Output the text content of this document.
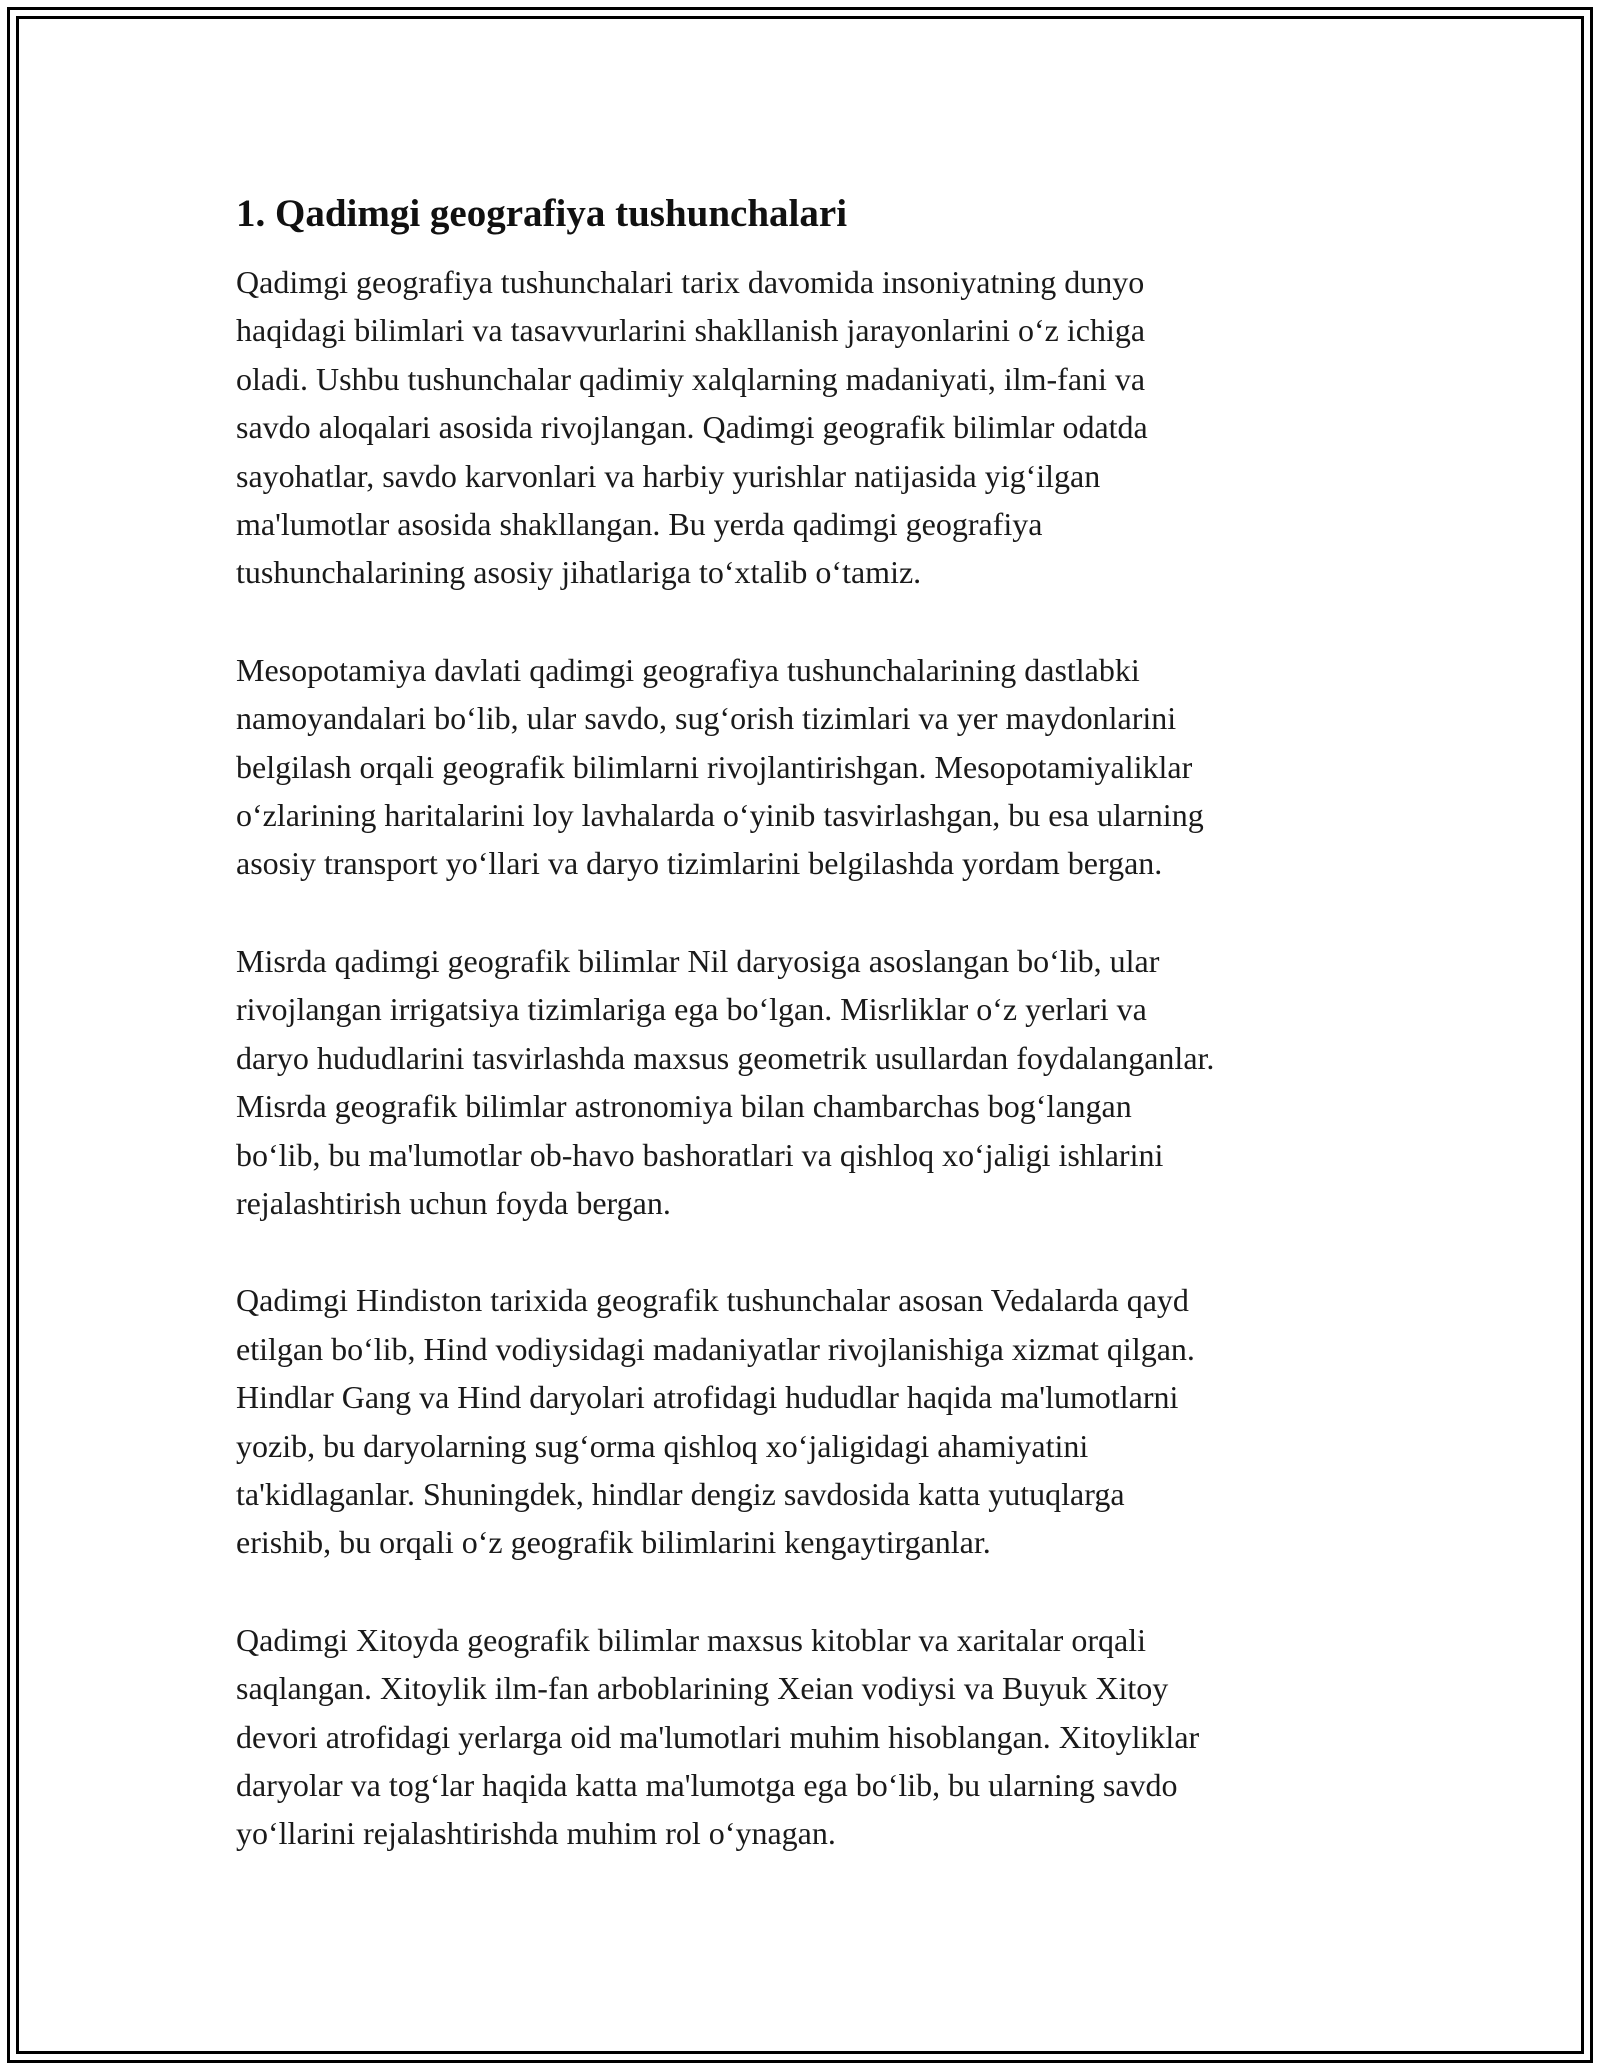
1. Qadimgi geografiya tushunchalari

Qadimgi geografiya tushunchalari tarix davomida insoniyatning dunyo
haqidagi bilimlari va tasavvurlarini shakllanish jarayonlarini o‘z ichiga
oladi. Ushbu tushunchalar qadimiy xalqlarning madaniyati, ilm-fani va
savdo aloqalari asosida rivojlangan. Qadimgi geografik bilimlar odatda
sayohatlar, savdo karvonlari va harbiy yurishlar natijasida yig‘ilgan
ma'lumotlar asosida shakllangan. Bu yerda qadimgi geografiya
tushunchalarining asosiy jihatlariga to‘xtalib o‘tamiz.

Mesopotamiya davlati qadimgi geografiya tushunchalarining dastlabki
namoyandalari bo‘lib, ular savdo, sug‘orish tizimlari va yer maydonlarini
belgilash orqali geografik bilimlarni rivojlantirishgan. Mesopotamiyaliklar
o‘zlarining haritalarini loy lavhalarda o‘yinib tasvirlashgan, bu esa ularning
asosiy transport yo‘llari va daryo tizimlarini belgilashda yordam bergan.

Misrda qadimgi geografik bilimlar Nil daryosiga asoslangan bo‘lib, ular
rivojlangan irrigatsiya tizimlariga ega bo‘lgan. Misrliklar o‘z yerlari va
daryo hududlarini tasvirlashda maxsus geometrik usullardan foydalanganlar.
Misrda geografik bilimlar astronomiya bilan chambarchas bog‘langan
bo‘lib, bu ma'lumotlar ob-havo bashoratlari va qishloq xo‘jaligi ishlarini
rejalashtirish uchun foyda bergan.

Qadimgi Hindiston tarixida geografik tushunchalar asosan Vedalarda qayd
etilgan bo‘lib, Hind vodiysidagi madaniyatlar rivojlanishiga xizmat qilgan.
Hindlar Gang va Hind daryolari atrofidagi hududlar haqida ma'lumotlarni
yozib, bu daryolarning sug‘orma qishloq xo‘jaligidagi ahamiyatini
ta'kidlaganlar. Shuningdek, hindlar dengiz savdosida katta yutuqlarga
erishib, bu orqali o‘z geografik bilimlarini kengaytirganlar.

Qadimgi Xitoyda geografik bilimlar maxsus kitoblar va xaritalar orqali
saqlangan. Xitoylik ilm-fan arboblarining Xeian vodiysi va Buyuk Xitoy
devori atrofidagi yerlarga oid ma'lumotlari muhim hisoblangan. Xitoyliklar
daryolar va tog‘lar haqida katta ma'lumotga ega bo‘lib, bu ularning savdo
yo‘llarini rejalashtirishda muhim rol o‘ynagan.
